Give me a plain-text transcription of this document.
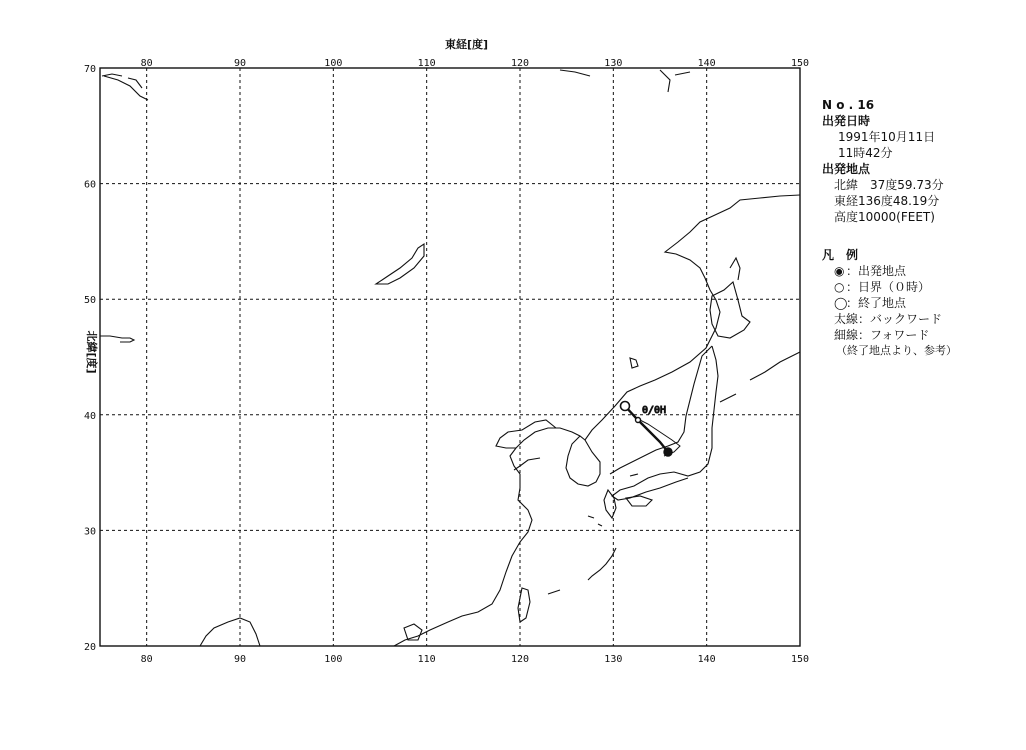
0/0H
東経[度]
北緯[度]
80
80
90
90
100
100
110
110
120
120
130
130
140
140
150
150
70
60
50
40
30
20
N o . 16
出発日時
1991年10月11日
11時42分
出発地点
北緯　37度59.73分
東経136度48.19分
高度10000(FEET)
凡　例
◉ ：出発地点
○ ：日界（０時）
◯
：終了地点
太線：バックワード
細線：フォワード
（終了地点より、参考）
